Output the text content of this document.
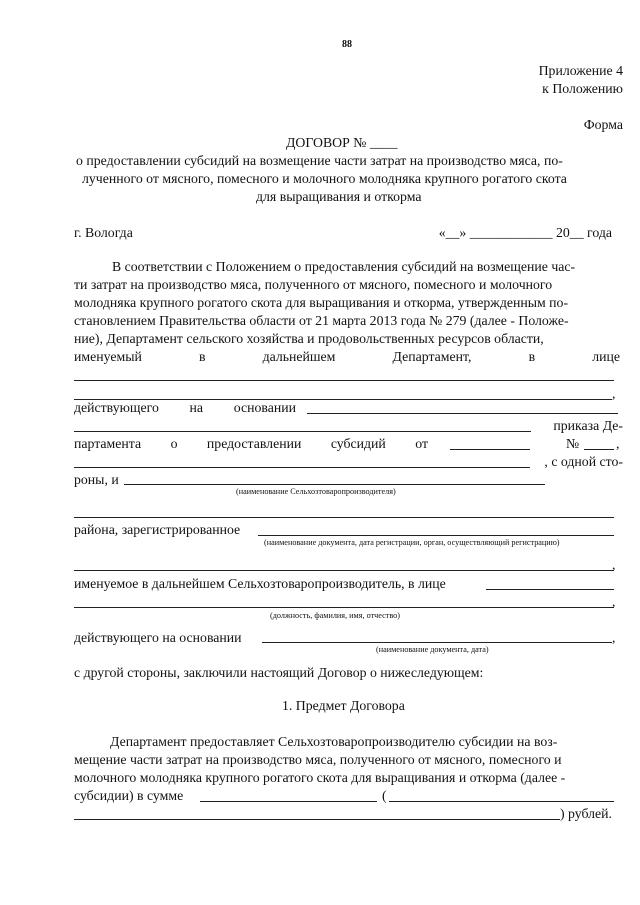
88
Приложение 4
к Положению
Форма
ДОГОВОР № ____
о предоставлении субсидий на возмещение части затрат на производство мяса, по-
лученного от мясного, помесного и молочного молодняка крупного рогатого скота
для выращивания и откорма
г. Вологда	«__» ____________ 20__ года
В соответствии с Положением о предоставления субсидий на возмещение час-
ти затрат на производство мяса, полученного от мясного, помесного и молочного
молодняка крупного рогатого скота для выращивания и откорма, утвержденным по-
становлением Правительства области от 21 марта 2013 года № 279 (далее - Положе-
ние), Департамент сельского хозяйства и продовольственных ресурсов области,
именуемый	в	дальнейшем	Департамент,	в	лице
,
действующего на основании
приказа Де-
партамента о предоставлении субсидий от	№	,
, с одной сто-
роны, и
(наименование Сельхозтоваропроизводителя)
района, зарегистрированное
(наименование документа, дата регистрации, орган, осуществляющий регистрацию)
,
именуемое в дальнейшем Сельхозтоваропроизводитель, в лице
(должность, фамилия, имя, отчество)
,
действующего на основании
(наименование документа, дата)
,
с другой стороны, заключили настоящий Договор о нижеследующем:
1. Предмет Договора
Департамент предоставляет Сельхозтоваропроизводителю субсидии на воз-
мещение части затрат на производство мяса, полученного от мясного, помесного и
молочного молодняка крупного рогатого скота для выращивания и откорма (далее -
субсидии) в сумме	(
) рублей.
